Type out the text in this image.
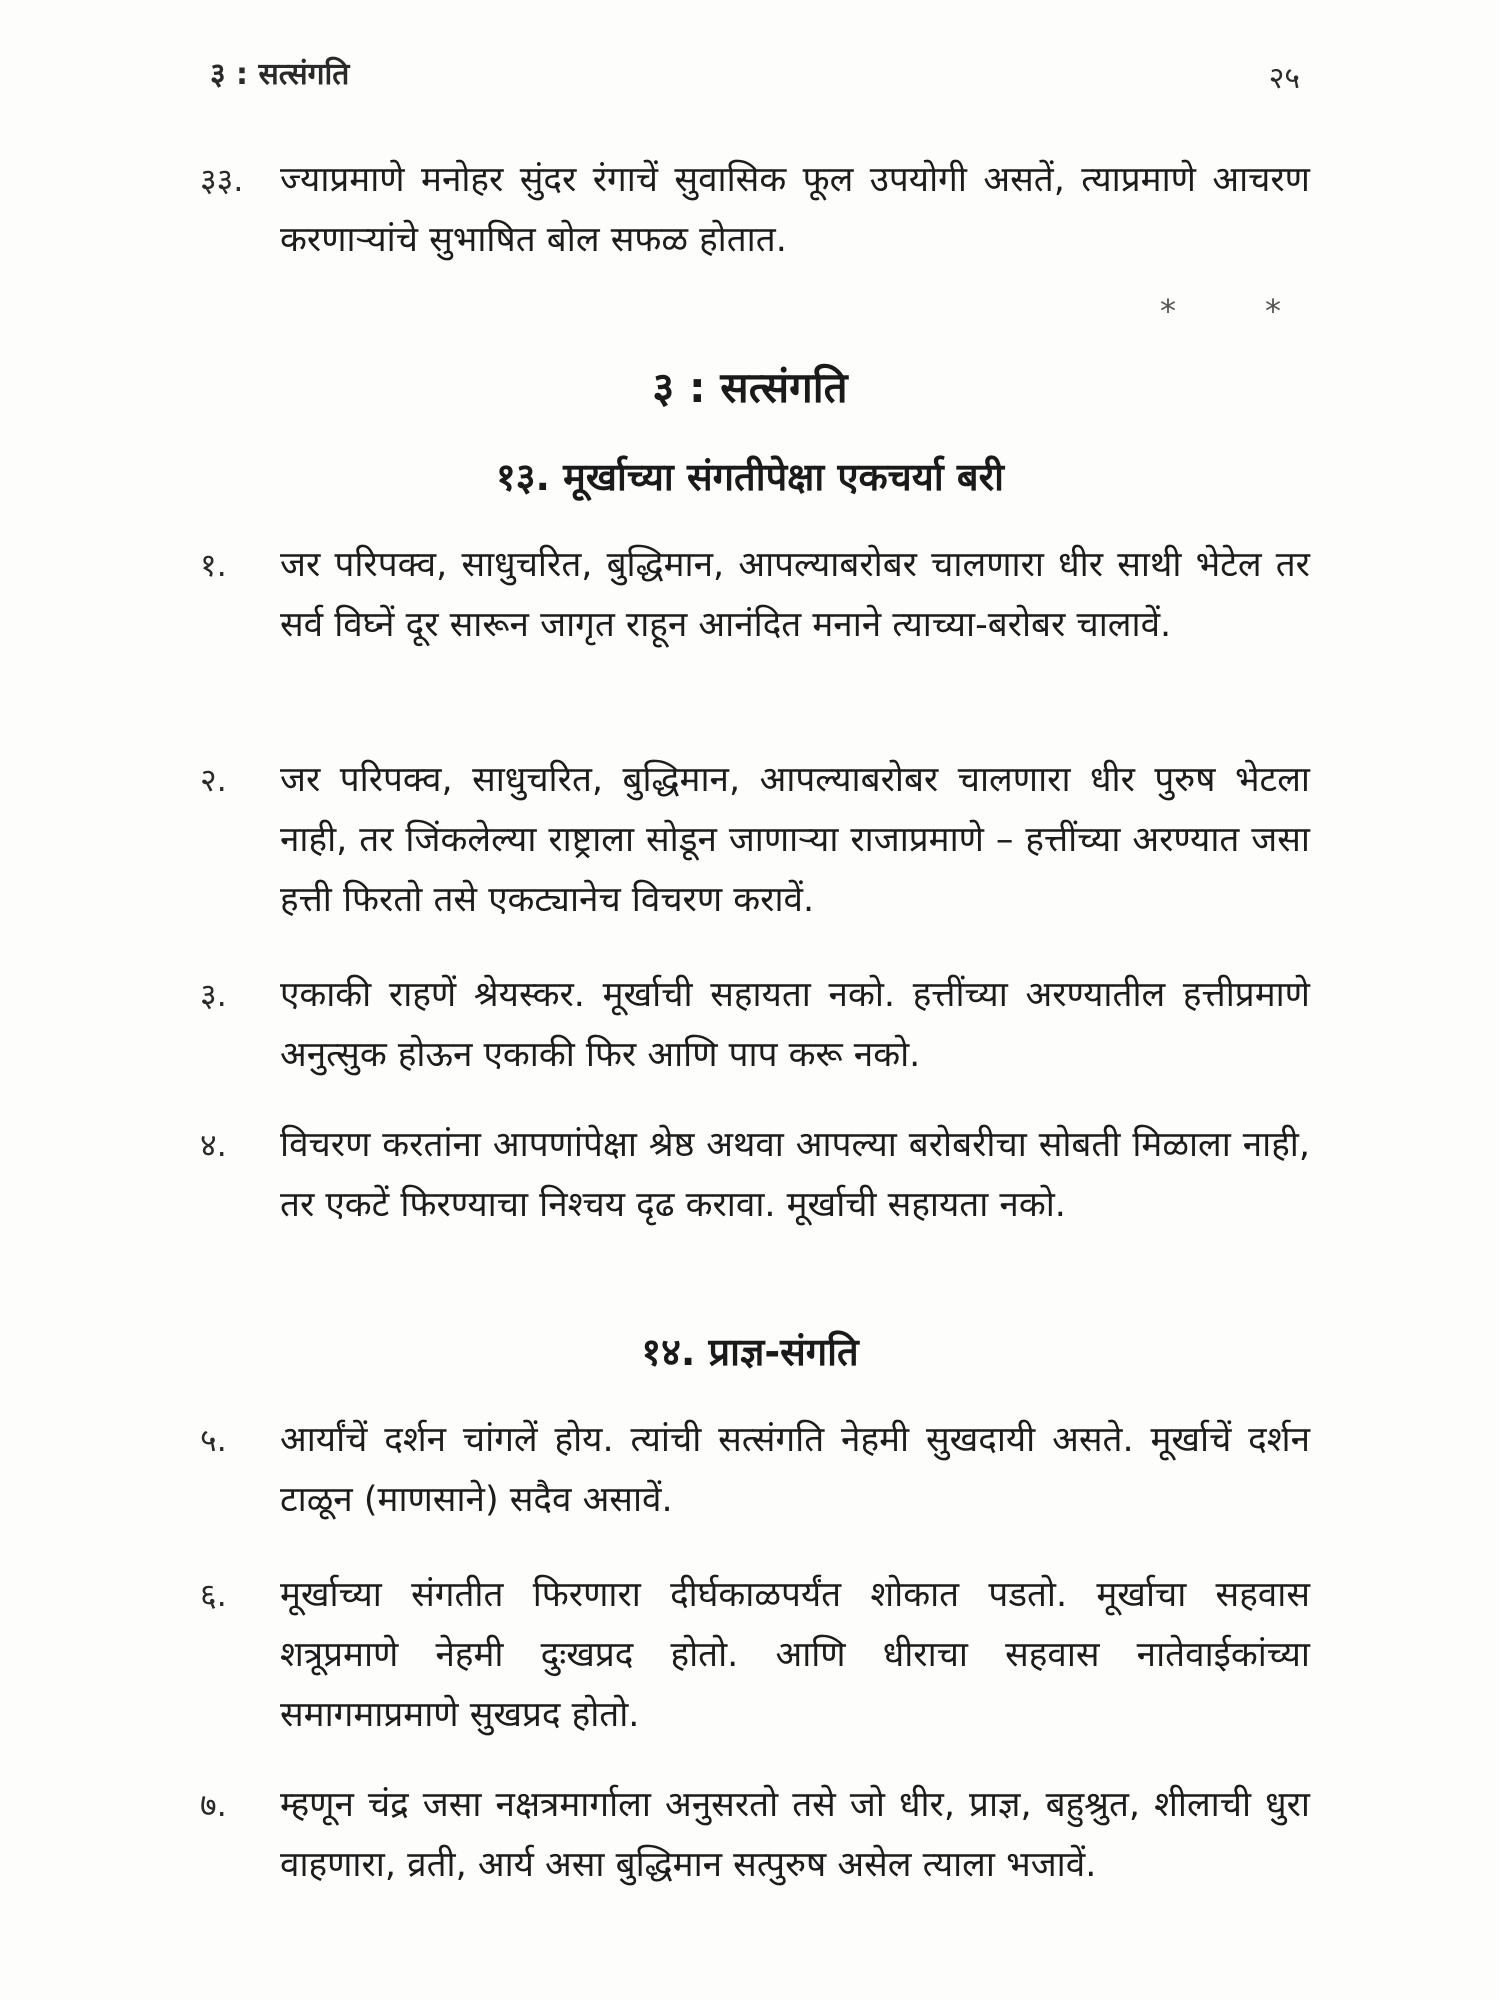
३ : सत्संगति	२५
३३.	ज्याप्रमाणे मनोहर सुंदर रंगाचें सुवासिक फूल उपयोगी असतें, त्याप्रमाणे आचरण करणाऱ्यांचे सुभाषित बोल सफळ होतात.
*	*
३ : सत्संगति
१३. मूर्खाच्या संगतीपेक्षा एकचर्या बरी
१.	जर परिपक्व, साधुचरित, बुद्धिमान, आपल्याबरोबर चालणारा धीर साथी भेटेल तर सर्व विघ्नें दूर सारून जागृत राहून आनंदित मनाने त्याच्या-बरोबर चालावें.
२.	जर परिपक्व, साधुचरित, बुद्धिमान, आपल्याबरोबर चालणारा धीर पुरुष भेटला नाही, तर जिंकलेल्या राष्ट्राला सोडून जाणाऱ्या राजाप्रमाणे – हत्तींच्या अरण्यात जसा हत्ती फिरतो तसे एकट्यानेच विचरण करावें.
३.	एकाकी राहणें श्रेयस्कर. मूर्खाची सहायता नको. हत्तींच्या अरण्यातील हत्तीप्रमाणे अनुत्सुक होऊन एकाकी फिर आणि पाप करू नको.
४.	विचरण करतांना आपणांपेक्षा श्रेष्ठ अथवा आपल्या बरोबरीचा सोबती मिळाला नाही, तर एकटें फिरण्याचा निश्चय दृढ करावा. मूर्खाची सहायता नको.
१४. प्राज्ञ-संगति
५.	आर्यांचें दर्शन चांगलें होय. त्यांची सत्संगति नेहमी सुखदायी असते. मूर्खाचें दर्शन टाळून (माणसाने) सदैव असावें.
६.	मूर्खाच्या संगतीत फिरणारा दीर्घकाळपर्यंत शोकात पडतो. मूर्खाचा सहवास शत्रूप्रमाणे नेहमी दुःखप्रद होतो. आणि धीराचा सहवास नातेवाईकांच्या समागमाप्रमाणे सुखप्रद होतो.
७.	म्हणून चंद्र जसा नक्षत्रमार्गाला अनुसरतो तसे जो धीर, प्राज्ञ, बहुश्रुत, शीलाची धुरा वाहणारा, व्रती, आर्य असा बुद्धिमान सत्पुरुष असेल त्याला भजावें.
